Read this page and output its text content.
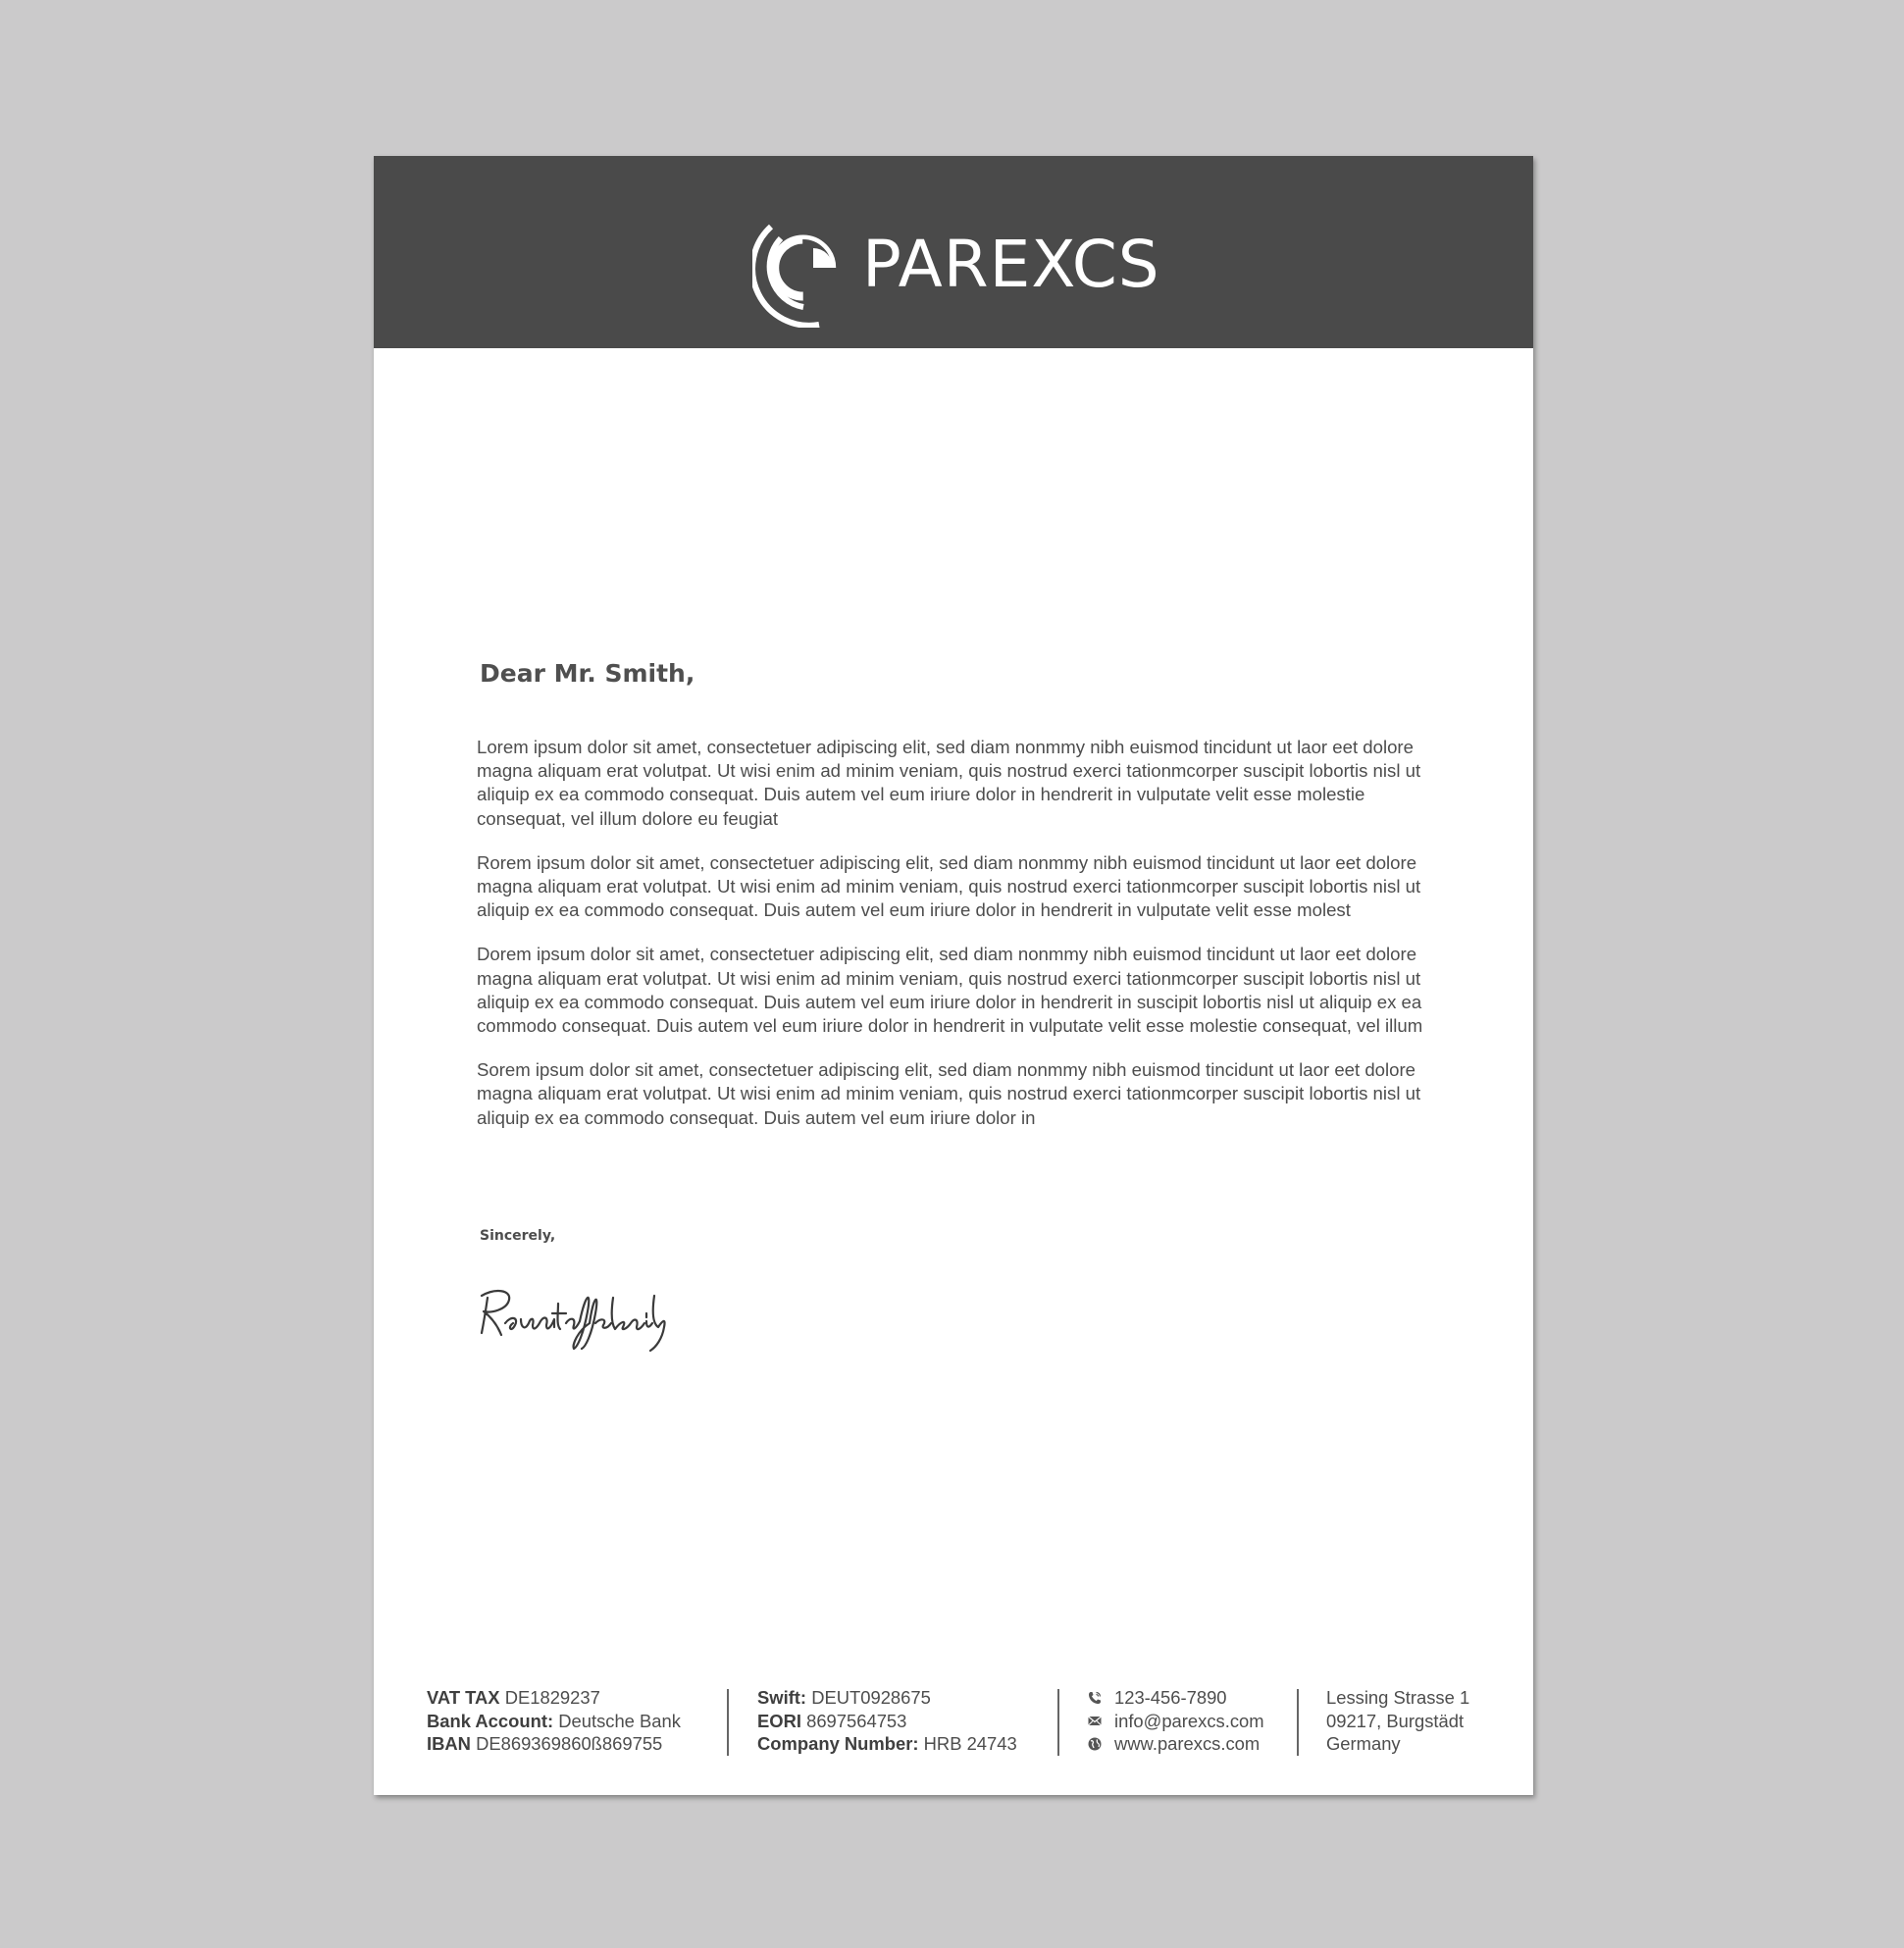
PAREXCS
Dear Mr. Smith,

Lorem ipsum dolor sit amet, consectetuer adipiscing elit, sed diam nonmmy nibh euismod tincidunt ut laor eet dolore magna aliquam erat volutpat. Ut wisi enim ad minim veniam, quis nostrud exerci tationmcorper suscipit lobortis nisl ut aliquip ex ea commodo consequat. Duis autem vel eum iriure dolor in hendrerit in vulputate velit esse molestie consequat, vel illum dolore eu feugiat

Rorem ipsum dolor sit amet, consectetuer adipiscing elit, sed diam nonmmy nibh euismod tincidunt ut laor eet dolore magna aliquam erat volutpat. Ut wisi enim ad minim veniam, quis nostrud exerci tationmcorper suscipit lobortis nisl ut aliquip ex ea commodo consequat. Duis autem vel eum iriure dolor in hendrerit in vulputate velit esse molest

Dorem ipsum dolor sit amet, consectetuer adipiscing elit, sed diam nonmmy nibh euismod tincidunt ut laor eet dolore magna aliquam erat volutpat. Ut wisi enim ad minim veniam, quis nostrud exerci tationmcorper suscipit lobortis nisl ut aliquip ex ea commodo consequat. Duis autem vel eum iriure dolor in hendrerit in suscipit lobortis nisl ut aliquip ex ea commodo consequat. Duis autem vel eum iriure dolor in hendrerit in vulputate velit esse molestie consequat, vel illum

Sorem ipsum dolor sit amet, consectetuer adipiscing elit, sed diam nonmmy nibh euismod tincidunt ut laor eet dolore magna aliquam erat volutpat. Ut wisi enim ad minim veniam, quis nostrud exerci tationmcorper suscipit lobortis nisl ut aliquip ex ea commodo consequat. Duis autem vel eum iriure dolor in

Sincerely,
VAT TAX DE1829237
Bank Account: Deutsche Bank
IBAN DE869369860ß869755
Swift: DEUT0928675
EORI 8697564753
Company Number: HRB 24743
123-456-7890
info@parexcs.com
www.parexcs.com
Lessing Strasse 1
09217, Burgstädt
Germany
